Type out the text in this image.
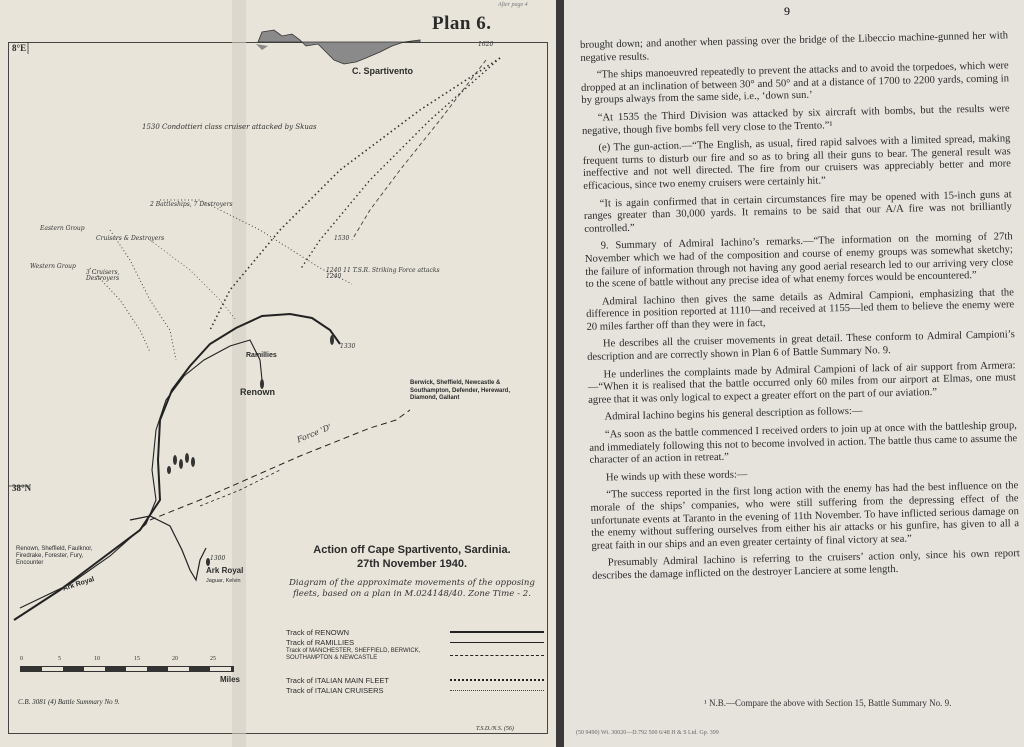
After page 4
Plan 6.
8°E
38°N
C. Spartivento
1530 Condottieri class cruiser attacked by Skuas
2 Battleships, 7 Destroyers
Eastern Group
Cruisers & Destroyers
Western Group
3 Cruisers, Destroyers
1240 11 T.S.R. Striking Force attacks 1240
1530
1620
1330
1300
Ramillies
Renown
Force 'D'
Berwick, Sheffield, Newcastle & Southampton, Defender, Hereward, Diamond, Gallant
Renown, Sheffield, Faulknor, Firedrake, Forester, Fury, Encounter
Ark Royal
Ark Royal
Jaguar, Kelvin
Action off Cape Spartivento, Sardinia.
27th November 1940.
Diagram of the approximate movements of the opposing fleets, based on a plan in M.024148/40. Zone Time - 2.
Track of RENOWN
Track of RAMILLIES
Track of MANCHESTER, SHEFFIELD, BERWICK, SOUTHAMPTON & NEWCASTLE
Track of ITALIAN MAIN FLEET
Track of ITALIAN CRUISERS
0	5	10	15	20	25
Miles
C.B. 3081 (4) Battle Summary No 9.
T.S.D./N.S. (56)
9

brought down; and another when passing over the bridge of the Libeccio machine-gunned her with negative results.

“The ships manoeuvred repeatedly to prevent the attacks and to avoid the torpedoes, which were dropped at an inclination of between 30° and 50° and at a distance of 1700 to 2200 yards, coming in by groups always from the same side, i.e., ‘down sun.’

“At 1535 the Third Division was attacked by six aircraft with bombs, but the results were negative, though five bombs fell very close to the Trento.”¹

(e) The gun-action.—“The English, as usual, fired rapid salvoes with a limited spread, making frequent turns to disturb our fire and so as to bring all their guns to bear. The general result was ineffective and not well directed. The fire from our cruisers was appreciably better and more efficacious, since two enemy cruisers were certainly hit.”

“It is again confirmed that in certain circumstances fire may be opened with 15-inch guns at ranges greater than 30,000 yards. It remains to be said that our A/A fire was not brilliantly controlled.”

9. Summary of Admiral Iachino’s remarks.—“The information on the morning of 27th November which we had of the composition and course of enemy groups was somewhat sketchy; the failure of information through not having any good aerial research led to our arriving very close to the scene of battle without any precise idea of what enemy forces would be encountered.”

Admiral Iachino then gives the same details as Admiral Campioni, emphasizing that the difference in position reported at 1110—and received at 1155—led them to believe the enemy were 20 miles farther off than they were in fact,

He describes all the cruiser movements in great detail. These conform to Admiral Campioni’s description and are correctly shown in Plan 6 of Battle Summary No. 9.

He underlines the complaints made by Admiral Campioni of lack of air support from Armera:—“When it is realised that the battle occurred only 60 miles from our airport at Elmas, one must agree that it was only logical to expect a greater effort on the part of our aviation.”

Admiral Iachino begins his general description as follows:—

“As soon as the battle commenced I received orders to join up at once with the battleship group, and immediately following this not to become involved in action. The battle thus came to assume the character of an action in retreat.”

He winds up with these words:—

“The success reported in the first long action with the enemy has had the best influence on the morale of the ships’ companies, who were still suffering from the depressing effect of the unfortunate events at Taranto in the evening of 11th November. To have inflicted serious damage on the enemy without suffering ourselves from either his air attacks or his gunfire, has given to all a great faith in our ships and an even greater certainty of final victory at sea.”

Presumably Admiral Iachino is referring to the cruisers’ action only, since his own report describes the damage inflicted on the destroyer Lanciere at some length.

¹ N.B.—Compare the above with Section 15, Battle Summary No. 9.
(50 9490) Wt. 30020—D.792 500 6/48 H & S Ltd. Gp. 399
